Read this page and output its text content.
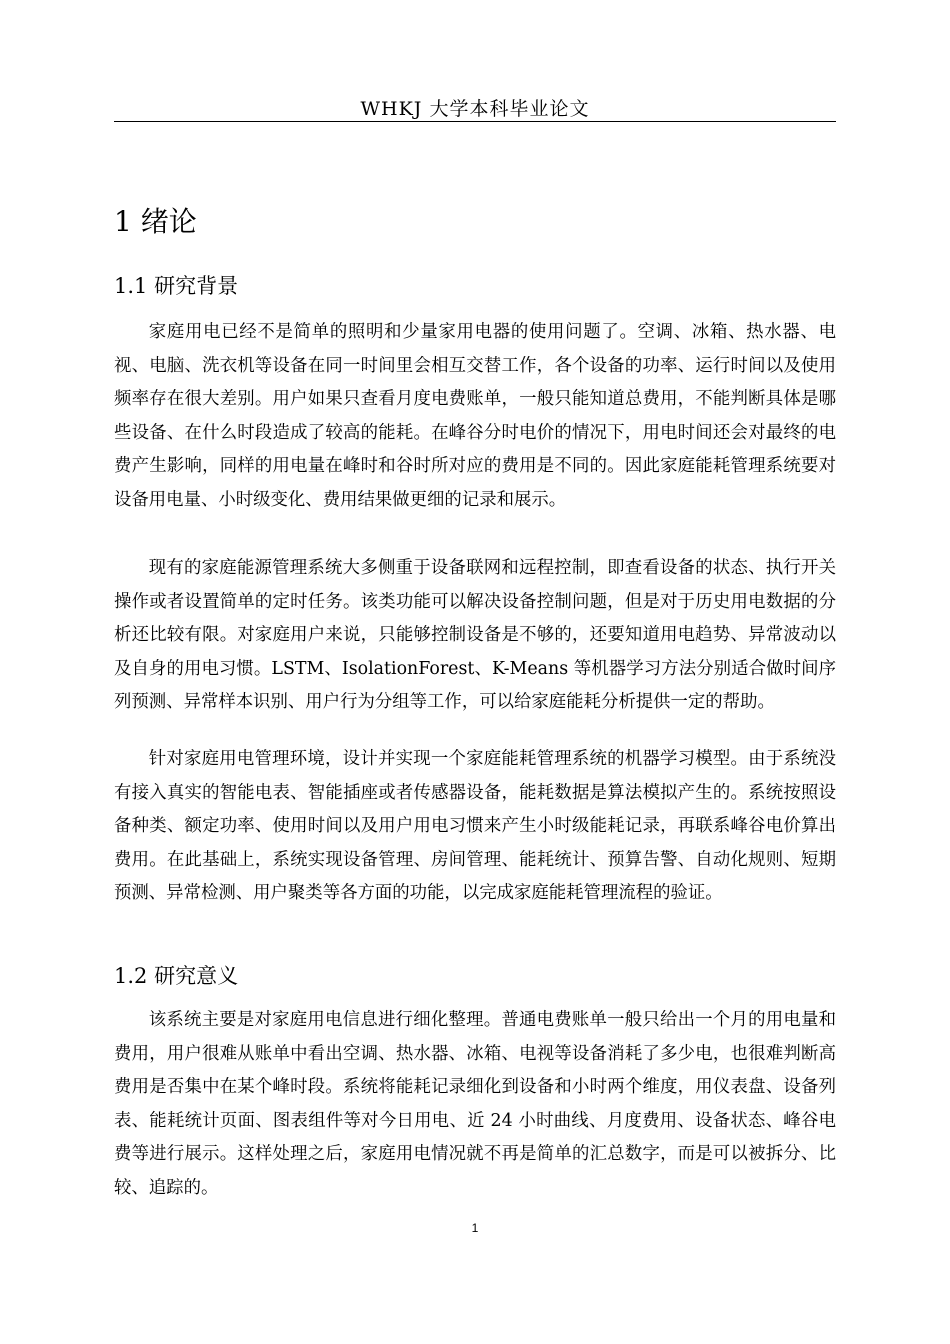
WHKJ 大学本科毕业论文
1 绪论
1.1 研究背景

家庭用电已经不是简单的照明和少量家用电器的使用问题了。空调、冰箱、热水器、电视、电脑、洗衣机等设备在同一时间里会相互交替工作，各个设备的功率、运行时间以及使用频率存在很大差别。用户如果只查看月度电费账单，一般只能知道总费用，不能判断具体是哪些设备、在什么时段造成了较高的能耗。在峰谷分时电价的情况下，用电时间还会对最终的电费产生影响，同样的用电量在峰时和谷时所对应的费用是不同的。因此家庭能耗管理系统要对设备用电量、小时级变化、费用结果做更细的记录和展示。

现有的家庭能源管理系统大多侧重于设备联网和远程控制，即查看设备的状态、执行开关操作或者设置简单的定时任务。该类功能可以解决设备控制问题，但是对于历史用电数据的分析还比较有限。对家庭用户来说，只能够控制设备是不够的，还要知道用电趋势、异常波动以及自身的用电习惯。LSTM、IsolationForest、K-Means 等机器学习方法分别适合做时间序列预测、异常样本识别、用户行为分组等工作，可以给家庭能耗分析提供一定的帮助。

针对家庭用电管理环境，设计并实现一个家庭能耗管理系统的机器学习模型。由于系统没有接入真实的智能电表、智能插座或者传感器设备，能耗数据是算法模拟产生的。系统按照设备种类、额定功率、使用时间以及用户用电习惯来产生小时级能耗记录，再联系峰谷电价算出费用。在此基础上，系统实现设备管理、房间管理、能耗统计、预算告警、自动化规则、短期预测、异常检测、用户聚类等各方面的功能，以完成家庭能耗管理流程的验证。

1.2 研究意义

该系统主要是对家庭用电信息进行细化整理。普通电费账单一般只给出一个月的用电量和费用，用户很难从账单中看出空调、热水器、冰箱、电视等设备消耗了多少电，也很难判断高费用是否集中在某个峰时段。系统将能耗记录细化到设备和小时两个维度，用仪表盘、设备列表、能耗统计页面、图表组件等对今日用电、近 24 小时曲线、月度费用、设备状态、峰谷电费等进行展示。这样处理之后，家庭用电情况就不再是简单的汇总数字，而是可以被拆分、比较、追踪的。

1
